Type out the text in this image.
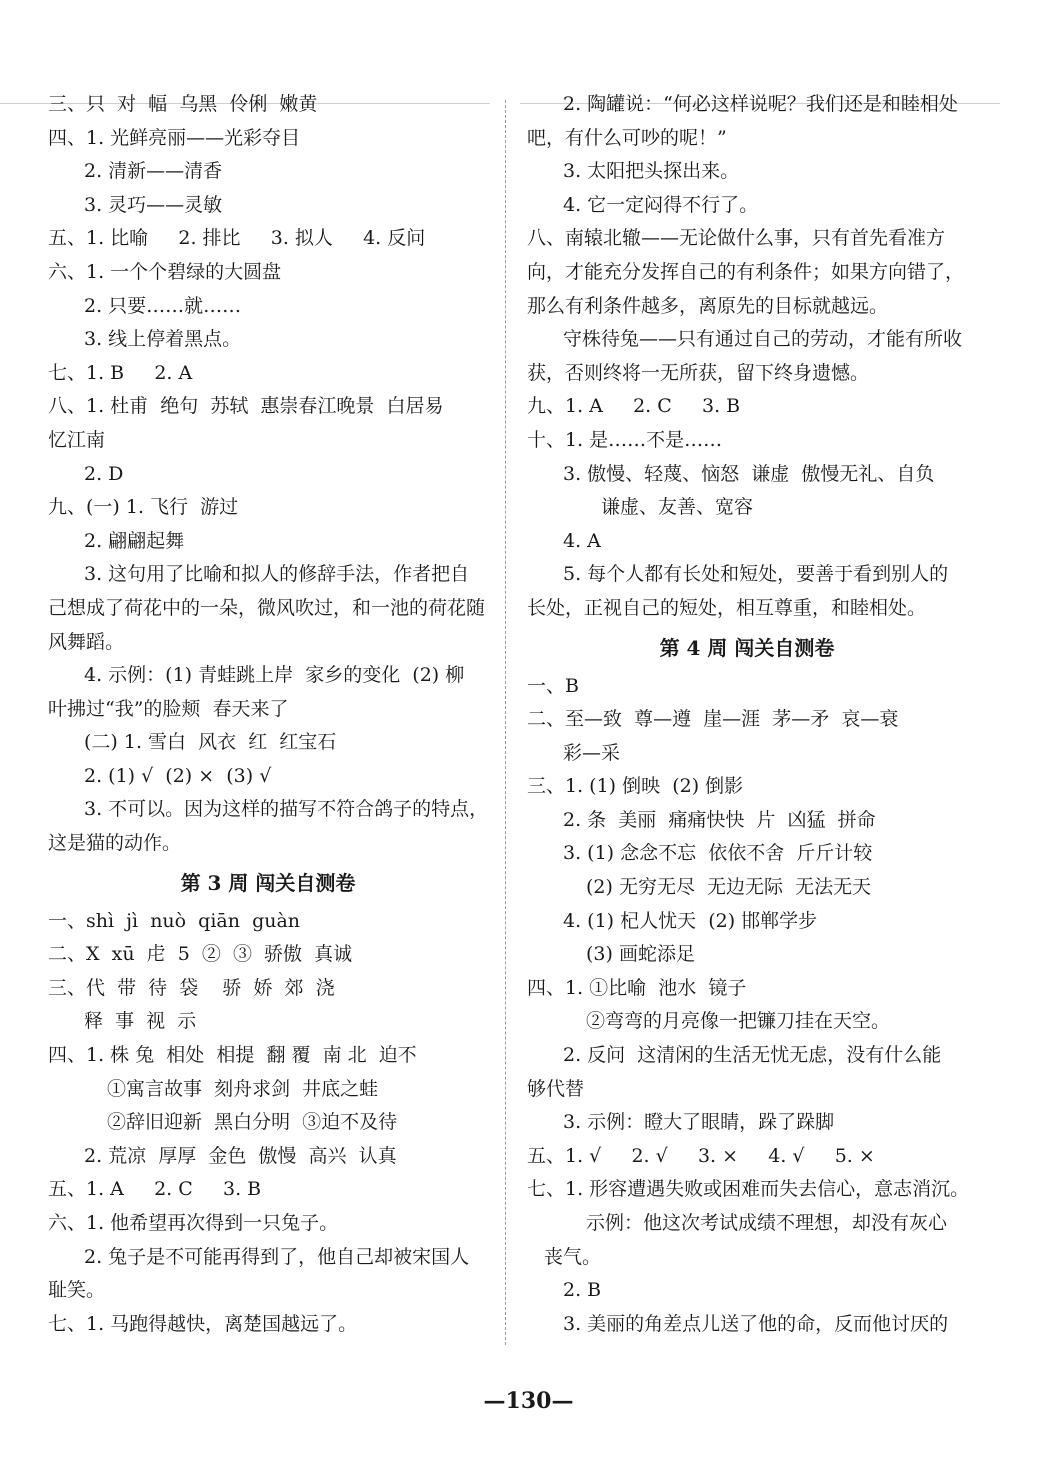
三、只  对  幅  乌黑  伶俐  嫩黄
四、1. 光鲜亮丽——光彩夺目
2. 清新——清香
3. 灵巧——灵敏
五、1. 比喻     2. 排比     3. 拟人     4. 反问
六、1. 一个个碧绿的大圆盘
2. 只要……就……
3. 线上停着黑点。
七、1. B     2. A
八、1. 杜甫  绝句  苏轼  惠崇春江晚景  白居易
忆江南
2. D
九、(一) 1. 飞行  游过
2. 翩翩起舞
3. 这句用了比喻和拟人的修辞手法，作者把自
己想成了荷花中的一朵，微风吹过，和一池的荷花随
风舞蹈。
4. 示例：(1) 青蛙跳上岸  家乡的变化  (2) 柳
叶拂过“我”的脸颊  春天来了
(二) 1. 雪白  风衣  红  红宝石
2. (1) √  (2) ×  (3) √
3. 不可以。因为这样的描写不符合鸽子的特点，
这是猫的动作。
第 3 周 闯关自测卷
一、shì  jì  nuò  qiān  guàn
二、X  xū  虍  5  ②  ③  骄傲  真诚
三、代  带  待  袋    骄  娇  郊  浇
释  事  视  示
四、1. 株 兔  相处  相提  翻 覆  南 北  迫不
①寓言故事  刻舟求剑  井底之蛙
②辞旧迎新  黑白分明  ③迫不及待
2. 荒凉  厚厚  金色  傲慢  高兴  认真
五、1. A     2. C     3. B
六、1. 他希望再次得到一只兔子。
2. 兔子是不可能再得到了，他自己却被宋国人
耻笑。
七、1. 马跑得越快，离楚国越远了。
2. 陶罐说：“何必这样说呢？我们还是和睦相处
吧，有什么可吵的呢！”
3. 太阳把头探出来。
4. 它一定闷得不行了。
八、南辕北辙——无论做什么事，只有首先看准方
向，才能充分发挥自己的有利条件；如果方向错了，
那么有利条件越多，离原先的目标就越远。
守株待兔——只有通过自己的劳动，才能有所收
获，否则终将一无所获，留下终身遗憾。
九、1. A     2. C     3. B
十、1. 是……不是……
3. 傲慢、轻蔑、恼怒  谦虚  傲慢无礼、自负
谦虚、友善、宽容
4. A
5. 每个人都有长处和短处，要善于看到别人的
长处，正视自己的短处，相互尊重，和睦相处。
第 4 周 闯关自测卷
一、B
二、至—致  尊—遵  崖—涯  茅—矛  哀—衰
彩—采
三、1. (1) 倒映  (2) 倒影
2. 条  美丽  痛痛快快  片  凶猛  拼命
3. (1) 念念不忘  依依不舍  斤斤计较
(2) 无穷无尽  无边无际  无法无天
4. (1) 杞人忧天  (2) 邯郸学步
(3) 画蛇添足
四、1. ①比喻  池水  镜子
②弯弯的月亮像一把镰刀挂在天空。
2. 反问  这清闲的生活无忧无虑，没有什么能
够代替
3. 示例：瞪大了眼睛，跺了跺脚
五、1. √     2. √     3. ×     4. √     5. ×
七、1. 形容遭遇失败或困难而失去信心，意志消沉。
示例：他这次考试成绩不理想，却没有灰心
丧气。
2. B
3. 美丽的角差点儿送了他的命，反而他讨厌的
—130—
